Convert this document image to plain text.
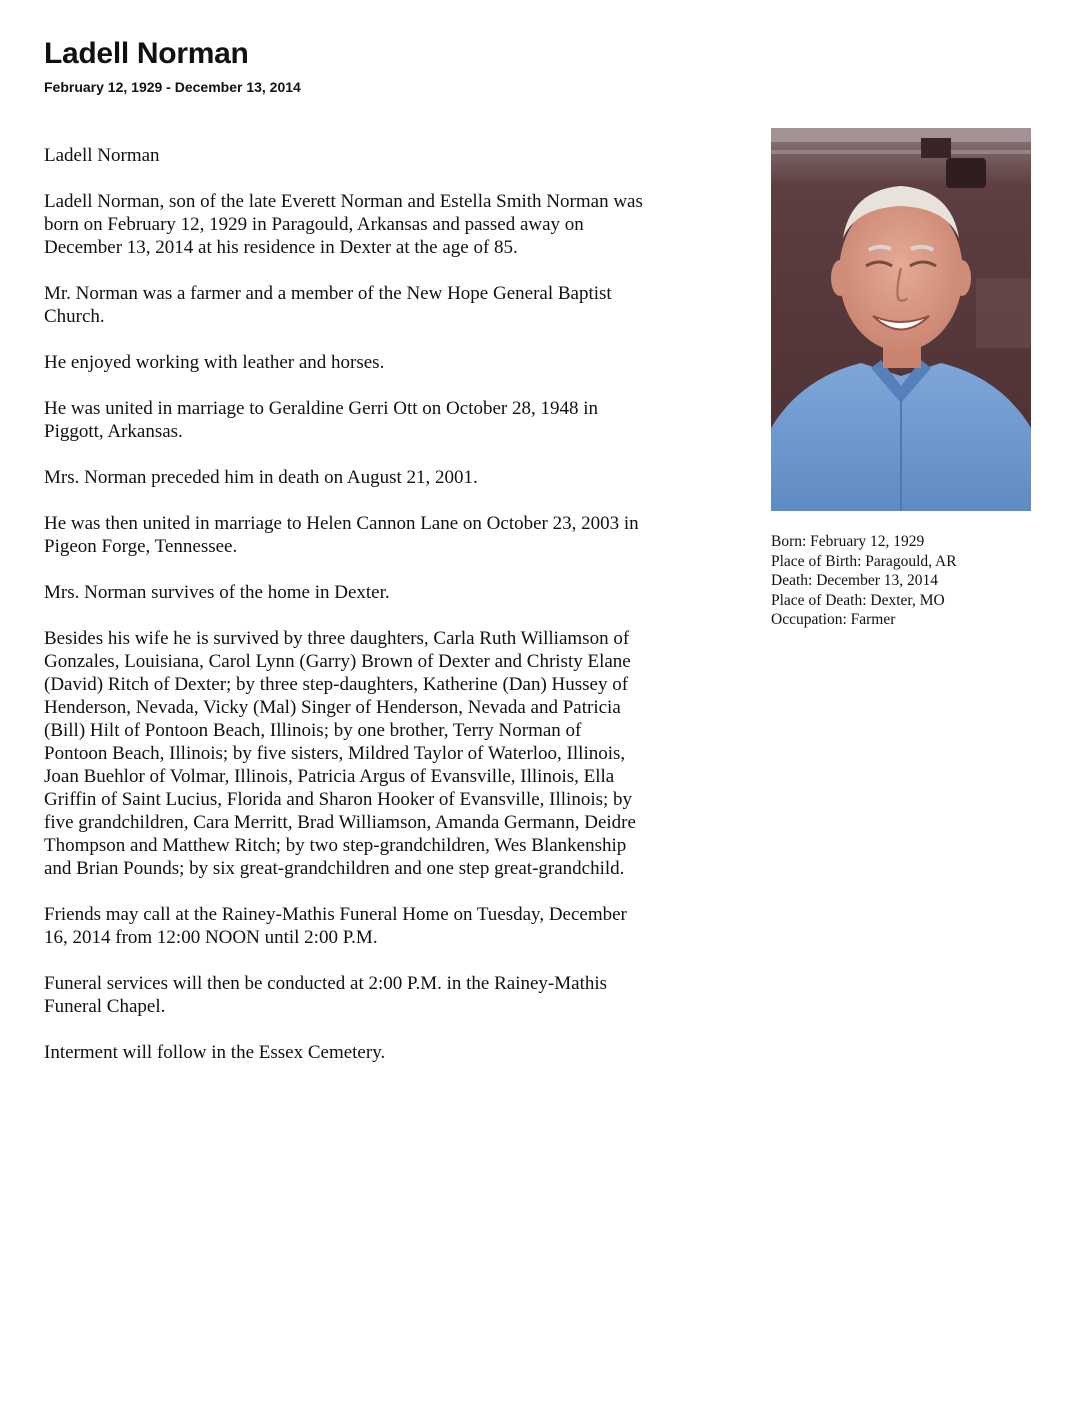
Ladell Norman
February 12, 1929 - December 13, 2014

Ladell Norman

Ladell Norman, son of the late Everett Norman and Estella Smith Norman was
born on February 12, 1929 in Paragould, Arkansas and passed away on
December 13, 2014 at his residence in Dexter at the age of 85.

Mr. Norman was a farmer and a member of the New Hope General Baptist
Church.

He enjoyed working with leather and horses.

He was united in marriage to Geraldine Gerri Ott on October 28, 1948 in
Piggott, Arkansas.

Mrs. Norman preceded him in death on August 21, 2001.

He was then united in marriage to Helen Cannon Lane on October 23, 2003 in
Pigeon Forge, Tennessee.

Mrs. Norman survives of the home in Dexter.

Besides his wife he is survived by three daughters, Carla Ruth Williamson of
Gonzales, Louisiana, Carol Lynn (Garry) Brown of Dexter and Christy Elane
(David) Ritch of Dexter; by three step-daughters, Katherine (Dan) Hussey of
Henderson, Nevada, Vicky (Mal) Singer of Henderson, Nevada and Patricia
(Bill) Hilt of Pontoon Beach, Illinois; by one brother, Terry Norman of
Pontoon Beach, Illinois; by five sisters, Mildred Taylor of Waterloo, Illinois,
Joan Buehlor of Volmar, Illinois, Patricia Argus of Evansville, Illinois, Ella
Griffin of Saint Lucius, Florida and Sharon Hooker of Evansville, Illinois; by
five grandchildren, Cara Merritt, Brad Williamson, Amanda Germann, Deidre
Thompson and Matthew Ritch; by two step-grandchildren, Wes Blankenship
and Brian Pounds; by six great-grandchildren and one step great-grandchild.

Friends may call at the Rainey-Mathis Funeral Home on Tuesday, December
16, 2014 from 12:00 NOON until 2:00 P.M.

Funeral services will then be conducted at 2:00 P.M. in the Rainey-Mathis
Funeral Chapel.

Interment will follow in the Essex Cemetery.

Born: February 12, 1929
Place of Birth: Paragould, AR
Death: December 13, 2014
Place of Death: Dexter, MO
Occupation: Farmer
